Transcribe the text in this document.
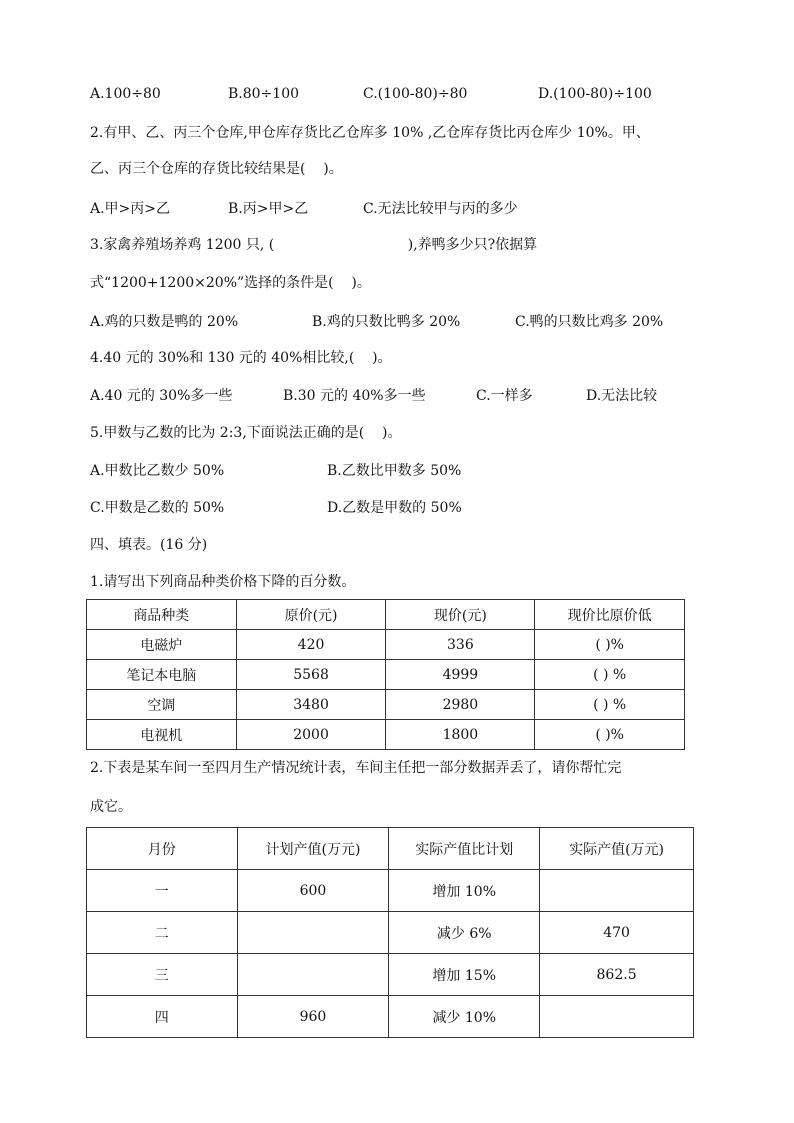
A.100÷80	B.80÷100	C.(100-80)÷80	D.(100-80)÷100
2.有甲、乙、丙三个仓库,甲仓库存货比乙仓库多 10% ,乙仓库存货比丙仓库少 10%。甲、
乙、丙三个仓库的存货比较结果是(    )。
A.甲>丙>乙	B.丙>甲>乙	C.无法比较甲与丙的多少
3.家禽养殖场养鸡 1200 只, (                              ),养鸭多少只?依据算
式“1200+1200×20%”选择的条件是(    )。
A.鸡的只数是鸭的 20%	B.鸡的只数比鸭多 20%	C.鸭的只数比鸡多 20%
4.40 元的 30%和 130 元的 40%相比较,(    )。
A.40 元的 30%多一些	B.30 元的 40%多一些	C.一样多	D.无法比较
5.甲数与乙数的比为 2:3,下面说法正确的是(    )。
A.甲数比乙数少 50%	B.乙数比甲数多 50%
C.甲数是乙数的 50%	D.乙数是甲数的 50%
四、填表。(16 分)
1.请写出下列商品种类价格下降的百分数。
商品种类	原价(元)	现价(元)	现价比原价低
电磁炉	420	336	( )%
笔记本电脑	5568	4999	( ) %
空调	3480	2980	( ) %
电视机	2000	1800	( )%
2.下表是某车间一至四月生产情况统计表，车间主任把一部分数据弄丢了，请你帮忙完
成它。
月份	计划产值(万元)	实际产值比计划	实际产值(万元)
一	600	增加 10%	
二		减少 6%	470
三		增加 15%	862.5
四	960	减少 10%	
